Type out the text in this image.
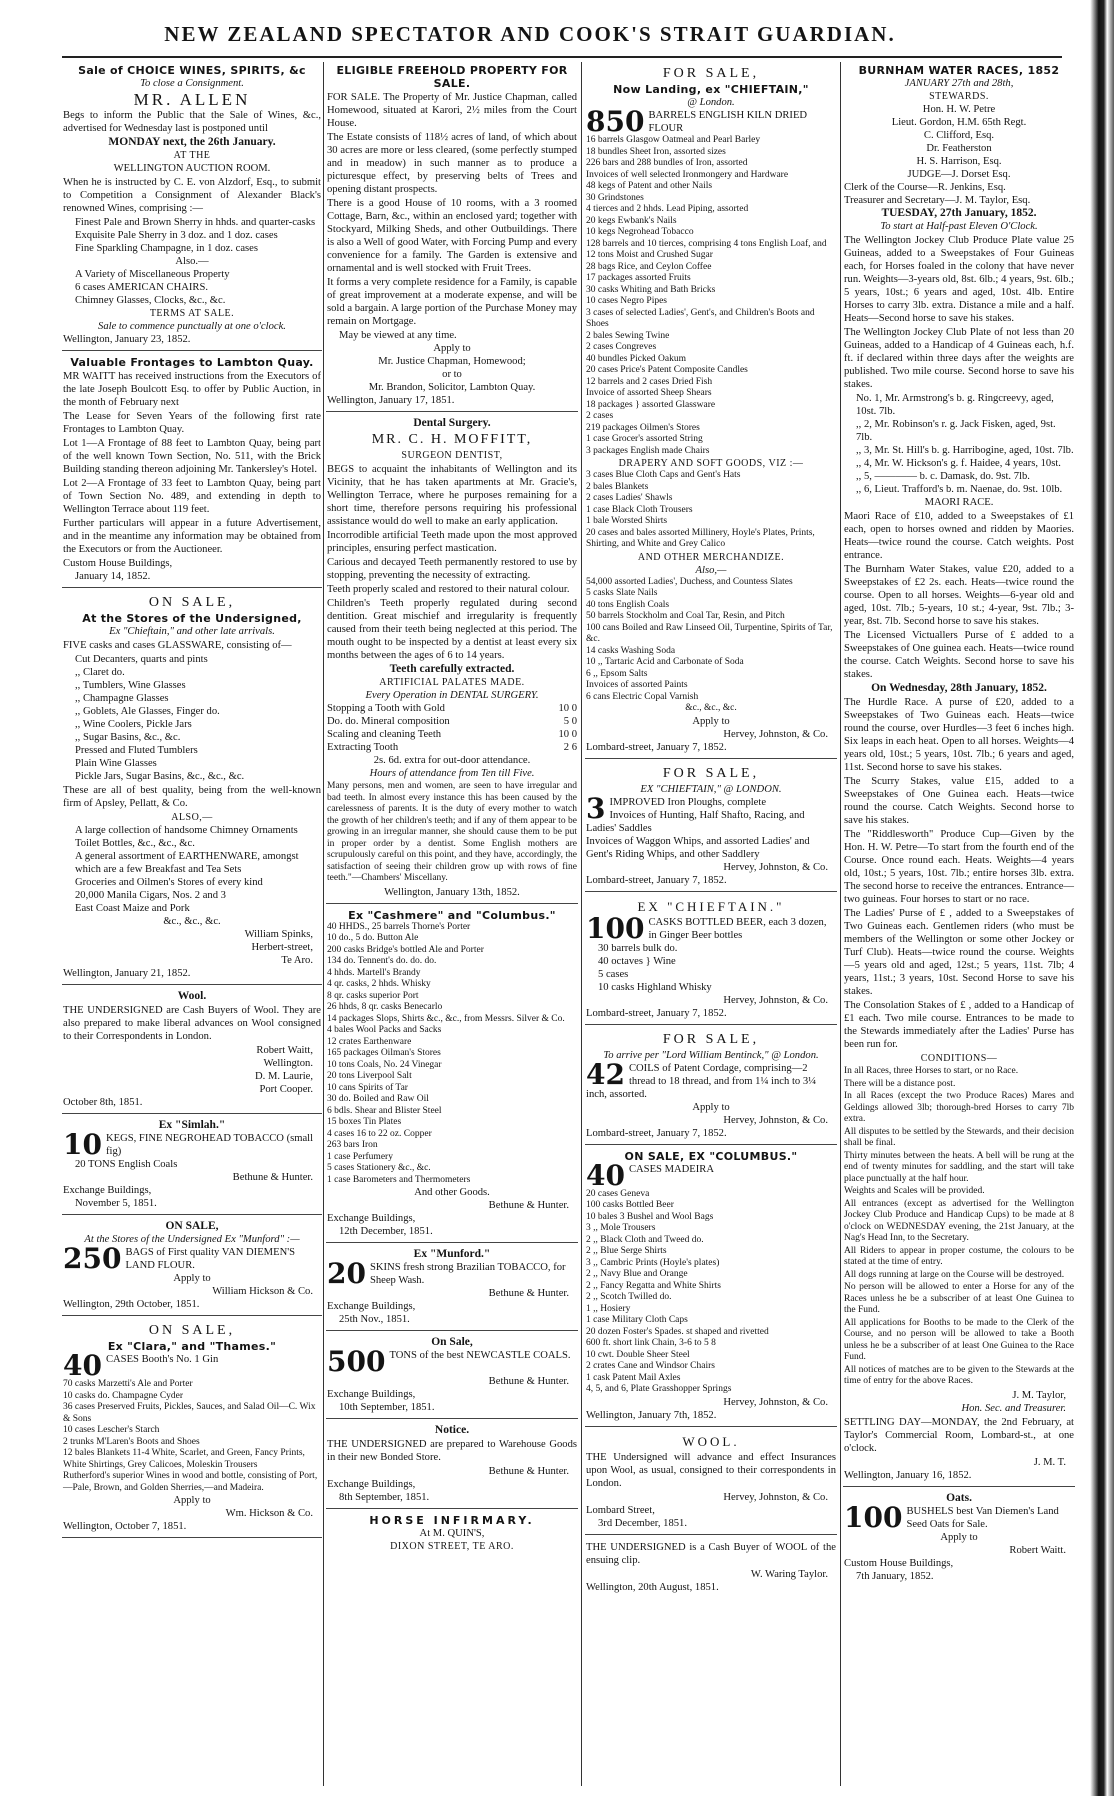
NEW ZEALAND SPECTATOR AND COOK'S STRAIT GUARDIAN.
Sale of CHOICE WINES, SPIRITS, &c
To close a Consignment.
MR. ALLEN

Begs to inform the Public that the Sale of Wines, &c., advertised for Wednesday last is postponed until

MONDAY next, the 26th January.
AT THE
WELLINGTON AUCTION ROOM.

When he is instructed by C. E. von Alzdorf, Esq., to submit to Competition a Consignment of Alexander Black's renowned Wines, comprising :—

Finest Pale and Brown Sherry in hhds. and quarter-casks
Exquisite Pale Sherry in 3 doz. and 1 doz. cases
Fine Sparkling Champagne, in 1 doz. cases
Also.—
A Variety of Miscellaneous Property
6 cases AMERICAN CHAIRS.
Chimney Glasses, Clocks, &c., &c.
TERMS AT SALE.
Sale to commence punctually at one o'clock.
Wellington, January 23, 1852.
Valuable Frontages to Lambton Quay.

MR WAITT has received instructions from the Executors of the late Joseph Boulcott Esq. to offer by Public Auction, in the month of February next

The Lease for Seven Years of the following first rate Frontages to Lambton Quay.

Lot 1—A Frontage of 88 feet to Lambton Quay, being part of the well known Town Section, No. 511, with the Brick Building standing thereon adjoining Mr. Tankersley's Hotel.

Lot 2—A Frontage of 33 feet to Lambton Quay, being part of Town Section No. 489, and extending in depth to Wellington Terrace about 119 feet.

Further particulars will appear in a future Advertisement, and in the meantime any information may be obtained from the Executors or from the Auctioneer.

Custom House Buildings,
January 14, 1852.
ON SALE,
At the Stores of the Undersigned,
Ex "Chieftain," and other late arrivals.

FIVE casks and cases GLASSWARE, consisting of—

Cut Decanters, quarts and pints
,, Claret do.
,, Tumblers, Wine Glasses
,, Champagne Glasses
,, Goblets, Ale Glasses, Finger do.
,, Wine Coolers, Pickle Jars
,, Sugar Basins, &c., &c.
Pressed and Fluted Tumblers
Plain Wine Glasses
Pickle Jars, Sugar Basins, &c., &c., &c.

These are all of best quality, being from the well-known firm of Apsley, Pellatt, & Co.

ALSO,—
A large collection of handsome Chimney Ornaments
Toilet Bottles, &c., &c., &c.
A general assortment of EARTHENWARE, amongst which are a few Breakfast and Tea Sets
Groceries and Oilmen's Stores of every kind
20,000 Manila Cigars, Nos. 2 and 3
East Coast Maize and Pork
&c., &c., &c.
William Spinks,
Herbert-street,
Te Aro.
Wellington, January 21, 1852.
Wool.

THE UNDERSIGNED are Cash Buyers of Wool. They are also prepared to make liberal advances on Wool consigned to their Correspondents in London.

Robert Waitt,
Wellington.
D. M. Laurie,
Port Cooper.
October 8th, 1851.
Ex "Simlah."
10 KEGS, FINE NEGROHEAD TOBACCO (small fig)
20 TONS English Coals
Bethune & Hunter.
Exchange Buildings,
November 5, 1851.
ON SALE,
At the Stores of the Undersigned Ex "Munford" :—
250 BAGS of First quality VAN DIEMEN'S LAND FLOUR.
Apply to
William Hickson & Co.
Wellington, 29th October, 1851.
ON SALE,
Ex "Clara," and "Thames."
40 CASES Booth's No. 1 Gin
70 casks Marzetti's Ale and Porter
10 casks do. Champagne Cyder
36 cases Preserved Fruits, Pickles, Sauces, and Salad Oil—C. Wix & Sons
10 cases Lescher's Starch
2 trunks M'Laren's Boots and Shoes
12 bales Blankets 11-4 White, Scarlet, and Green, Fancy Prints, White Shirtings, Grey Calicoes, Moleskin Trousers
Rutherford's superior Wines in wood and bottle, consisting of Port,—Pale, Brown, and Golden Sherries,—and Madeira.
Apply to
Wm. Hickson & Co.
Wellington, October 7, 1851.
ELIGIBLE FREEHOLD PROPERTY FOR SALE.

FOR SALE. The Property of Mr. Justice Chapman, called Homewood, situated at Karori, 2½ miles from the Court House.

The Estate consists of 118½ acres of land, of which about 30 acres are more or less cleared, (some perfectly stumped and in meadow) in such manner as to produce a picturesque effect, by preserving belts of Trees and opening distant prospects.

There is a good House of 10 rooms, with a 3 roomed Cottage, Barn, &c., within an enclosed yard; together with Stockyard, Milking Sheds, and other Outbuildings. There is also a Well of good Water, with Forcing Pump and every convenience for a family. The Garden is extensive and ornamental and is well stocked with Fruit Trees.

It forms a very complete residence for a Family, is capable of great improvement at a moderate expense, and will be sold a bargain. A large portion of the Purchase Money may remain on Mortgage.

May be viewed at any time.
Apply to
Mr. Justice Chapman, Homewood;
or to
Mr. Brandon, Solicitor, Lambton Quay.
Wellington, January 17, 1851.
Dental Surgery.
MR. C. H. MOFFITT,
SURGEON DENTIST,

BEGS to acquaint the inhabitants of Wellington and its Vicinity, that he has taken apartments at Mr. Gracie's, Wellington Terrace, where he purposes remaining for a short time, therefore persons requiring his professional assistance would do well to make an early application.

Incorrodible artificial Teeth made upon the most approved principles, ensuring perfect mastication.

Carious and decayed Teeth permanently restored to use by stopping, preventing the necessity of extracting.

Teeth properly scaled and restored to their natural colour.

Children's Teeth properly regulated during second dentition. Great mischief and irregularity is frequently caused from their teeth being neglected at this period. The mouth ought to be inspected by a dentist at least every six months between the ages of 6 to 14 years.

Teeth carefully extracted.
ARTIFICIAL PALATES MADE.
Every Operation in DENTAL SURGERY.
Stopping a Tooth with Gold	10 0
Do. do. Mineral composition	5 0
Scaling and cleaning Teeth	10 0
Extracting Tooth	2 6
2s. 6d. extra for out-door attendance.
Hours of attendance from Ten till Five.

Many persons, men and women, are seen to have irregular and bad teeth. In almost every instance this has been caused by the carelessness of parents. It is the duty of every mother to watch the growth of her children's teeth; and if any of them appear to be growing in an irregular manner, she should cause them to be put in proper order by a dentist. Some English mothers are scrupulously careful on this point, and they have, accordingly, the satisfaction of seeing their children grow up with rows of fine teeth."—Chambers' Miscellany.

Wellington, January 13th, 1852.
Ex "Cashmere" and "Columbus."
40 HHDS., 25 barrels Thorne's Porter
10 do., 5 do. Button Ale
200 casks Bridge's bottled Ale and Porter
134 do. Tennent's do. do. do.
4 hhds. Martell's Brandy
4 qr. casks, 2 hhds. Whisky
8 qr. casks superior Port
26 hhds, 8 qr. casks Benecarlo
14 packages Slops, Shirts &c., &c., from Messrs. Silver & Co.
4 bales Wool Packs and Sacks
12 crates Earthenware
165 packages Oilman's Stores
10 tons Coals, No. 24 Vinegar
20 tons Liverpool Salt
10 cans Spirits of Tar
30 do. Boiled and Raw Oil
6 bdls. Shear and Blister Steel
15 boxes Tin Plates
4 cases 16 to 22 oz. Copper
263 bars Iron
1 case Perfumery
5 cases Stationery &c., &c.
1 case Barometers and Thermometers
And other Goods.
Bethune & Hunter.
Exchange Buildings,
12th December, 1851.
Ex "Munford."
20 SKINS fresh strong Brazilian TOBACCO, for Sheep Wash.
Bethune & Hunter.
Exchange Buildings,
25th Nov., 1851.
On Sale,
500 TONS of the best NEWCASTLE COALS.
Bethune & Hunter.
Exchange Buildings,
10th September, 1851.
Notice.

THE UNDERSIGNED are prepared to Warehouse Goods in their new Bonded Store.

Bethune & Hunter.
Exchange Buildings,
8th September, 1851.
HORSE INFIRMARY.
At M. QUIN'S,
DIXON STREET, TE ARO.
FOR SALE,
Now Landing, ex "CHIEFTAIN,"
@ London.
850 BARRELS ENGLISH KILN DRIED FLOUR
16 barrels Glasgow Oatmeal and Pearl Barley
18 bundles Sheet Iron, assorted sizes
226 bars and 288 bundles of Iron, assorted
Invoices of well selected Ironmongery and Hardware
48 kegs of Patent and other Nails
30 Grindstones
4 tierces and 2 hhds. Lead Piping, assorted
20 kegs Ewbank's Nails
10 kegs Negrohead Tobacco
128 barrels and 10 tierces, comprising 4 tons English Loaf, and 12 tons Moist and Crushed Sugar
28 bags Rice, and Ceylon Coffee
17 packages assorted Fruits
30 casks Whiting and Bath Bricks
10 cases Negro Pipes
3 cases of selected Ladies', Gent's, and Children's Boots and Shoes
2 bales Sewing Twine
2 cases Congreves
40 bundles Picked Oakum
20 cases Price's Patent Composite Candles
12 barrels and 2 cases Dried Fish
Invoice of assorted Sheep Shears
18 packages } assorted Glassware
2 cases
219 packages Oilmen's Stores
1 case Grocer's assorted String
3 packages English made Chairs
DRAPERY AND SOFT GOODS, VIZ :—
3 cases Blue Cloth Caps and Gent's Hats
2 bales Blankets
2 cases Ladies' Shawls
1 case Black Cloth Trousers
1 bale Worsted Shirts
20 cases and bales assorted Millinery, Hoyle's Plates, Prints, Shirting, and White and Grey Calico
AND OTHER MERCHANDIZE.
Also,—
54,000 assorted Ladies', Duchess, and Countess Slates
5 casks Slate Nails
40 tons English Coals
50 barrels Stockholm and Coal Tar, Resin, and Pitch
100 cans Boiled and Raw Linseed Oil, Turpentine, Spirits of Tar, &c.
14 casks Washing Soda
10 ,, Tartaric Acid and Carbonate of Soda
6 ,, Epsom Salts
Invoices of assorted Paints
6 cans Electric Copal Varnish
&c., &c., &c.
Apply to
Hervey, Johnston, & Co.
Lombard-street, January 7, 1852.
FOR SALE,
EX "CHIEFTAIN," @ LONDON.
3 IMPROVED Iron Ploughs, complete
Invoices of Hunting, Half Shafto, Racing, and Ladies' Saddles
Invoices of Waggon Whips, and assorted Ladies' and Gent's Riding Whips, and other Saddlery
Hervey, Johnston, & Co.
Lombard-street, January 7, 1852.
EX "CHIEFTAIN."
100 CASKS BOTTLED BEER, each 3 dozen, in Ginger Beer bottles
30 barrels bulk do.
40 octaves } Wine
5 cases
10 casks Highland Whisky
Hervey, Johnston, & Co.
Lombard-street, January 7, 1852.
FOR SALE,
To arrive per "Lord William Bentinck," @ London.
42 COILS of Patent Cordage, comprising—2 thread to 18 thread, and from 1¼ inch to 3¼ inch, assorted.
Apply to
Hervey, Johnston, & Co.
Lombard-street, January 7, 1852.
ON SALE, EX "COLUMBUS."
40 CASES MADEIRA
20 cases Geneva
100 casks Bottled Beer
10 bales 3 Bushel and Wool Bags
3 ,, Mole Trousers
2 ,, Black Cloth and Tweed do.
2 ,, Blue Serge Shirts
3 ,, Cambric Prints (Hoyle's plates)
2 ,, Navy Blue and Orange
2 ,, Fancy Regatta and White Shirts
2 ,, Scotch Twilled do.
1 ,, Hosiery
1 case Military Cloth Caps
20 dozen Foster's Spades. st shaped and rivetted
600 ft. short link Chain, 3-6 to 5 8
10 cwt. Double Sheer Steel
2 crates Cane and Windsor Chairs
1 cask Patent Mail Axles
4, 5, and 6, Plate Grasshopper Springs
Hervey, Johnston, & Co.
Wellington, January 7th, 1852.
WOOL.

THE Undersigned will advance and effect Insurances upon Wool, as usual, consigned to their correspondents in London.

Hervey, Johnston, & Co.
Lombard Street,
3rd December, 1851.

THE UNDERSIGNED is a Cash Buyer of WOOL of the ensuing clip.

W. Waring Taylor.
Wellington, 20th August, 1851.
BURNHAM WATER RACES, 1852
JANUARY 27th and 28th,
STEWARDS.
Hon. H. W. Petre
Lieut. Gordon, H.M. 65th Regt.
C. Clifford, Esq.
Dr. Featherston
H. S. Harrison, Esq.
JUDGE—J. Dorset Esq.
Clerk of the Course—R. Jenkins, Esq.
Treasurer and Secretary—J. M. Taylor, Esq.
TUESDAY, 27th January, 1852.
To start at Half-past Eleven O'Clock.

The Wellington Jockey Club Produce Plate value 25 Guineas, added to a Sweepstakes of Four Guineas each, for Horses foaled in the colony that have never run. Weights—3-years old, 8st. 6lb.; 4 years, 9st. 6lb.; 5 years, 10st.; 6 years and aged, 10st. 4lb. Entire Horses to carry 3lb. extra. Distance a mile and a half. Heats—Second horse to save his stakes.

The Wellington Jockey Club Plate of not less than 20 Guineas, added to a Handicap of 4 Guineas each, h.f. ft. if declared within three days after the weights are published. Two mile course. Second horse to save his stakes.

No. 1, Mr. Armstrong's b. g. Ringcreevy, aged, 10st. 7lb.
,, 2, Mr. Robinson's r. g. Jack Fisken, aged, 9st. 7lb.
,, 3, Mr. St. Hill's b. g. Harribogine, aged, 10st. 7lb.
,, 4, Mr. W. Hickson's g. f. Haidee, 4 years, 10st.
,, 5, ———— b. c. Damask, do. 9st. 7lb.
,, 6, Lieut. Trafford's b. m. Naenae, do. 9st. 10lb.
MAORI RACE.

Maori Race of £10, added to a Sweepstakes of £1 each, open to horses owned and ridden by Maories. Heats—twice round the course. Catch weights. Post entrance.

The Burnham Water Stakes, value £20, added to a Sweepstakes of £2 2s. each. Heats—twice round the course. Open to all horses. Weights—6-year old and aged, 10st. 7lb.; 5-years, 10 st.; 4-year, 9st. 7lb.; 3-year, 8st. 7lb. Second horse to save his stakes.

The Licensed Victuallers Purse of £ added to a Sweepstakes of One guinea each. Heats—twice round the course. Catch Weights. Second horse to save his stakes.

On Wednesday, 28th January, 1852.

The Hurdle Race. A purse of £20, added to a Sweepstakes of Two Guineas each. Heats—twice round the course, over Hurdles—3 feet 6 inches high. Six leaps in each heat. Open to all horses. Weights—4 years old, 10st.; 5 years, 10st. 7lb.; 6 years and aged, 11st. Second horse to save his stakes.

The Scurry Stakes, value £15, added to a Sweepstakes of One Guinea each. Heats—twice round the course. Catch Weights. Second horse to save his stakes.

The "Riddlesworth" Produce Cup—Given by the Hon. H. W. Petre—To start from the fourth end of the Course. Once round each. Heats. Weights—4 years old, 10st.; 5 years, 10st. 7lb.; entire horses 3lb. extra. The second horse to receive the entrances. Entrance—two guineas. Four horses to start or no race.

The Ladies' Purse of £ , added to a Sweepstakes of Two Guineas each. Gentlemen riders (who must be members of the Wellington or some other Jockey or Turf Club). Heats—twice round the course. Weights—5 years old and aged, 12st.; 5 years, 11st. 7lb; 4 years, 11st.; 3 years, 10st. Second Horse to save his stakes.

The Consolation Stakes of £ , added to a Handicap of £1 each. Two mile course. Entrances to be made to the Stewards immediately after the Ladies' Purse has been run for.

CONDITIONS—

In all Races, three Horses to start, or no Race.

There will be a distance post.

In all Races (except the two Produce Races) Mares and Geldings allowed 3lb; thorough-bred Horses to carry 7lb extra.

All disputes to be settled by the Stewards, and their decision shall be final.

Thirty minutes between the heats. A bell will be rung at the end of twenty minutes for saddling, and the start will take place punctually at the half hour.

Weights and Scales will be provided.

All entrances (except as advertised for the Wellington Jockey Club Produce and Handicap Cups) to be made at 8 o'clock on WEDNESDAY evening, the 21st January, at the Nag's Head Inn, to the Secretary.

All Riders to appear in proper costume, the colours to be stated at the time of entry.

All dogs running at large on the Course will be destroyed.

No person will be allowed to enter a Horse for any of the Races unless he be a subscriber of at least One Guinea to the Fund.

All applications for Booths to be made to the Clerk of the Course, and no person will be allowed to take a Booth unless he be a subscriber of at least One Guinea to the Race Fund.

All notices of matches are to be given to the Stewards at the time of entry for the above Races.

J. M. Taylor,
Hon. Sec. and Treasurer.

SETTLING DAY—MONDAY, the 2nd February, at Taylor's Commercial Room, Lombard-st., at one o'clock.

J. M. T.
Wellington, January 16, 1852.
Oats.
100 BUSHELS best Van Diemen's Land Seed Oats for Sale.
Apply to
Robert Waitt.
Custom House Buildings,
7th January, 1852.
